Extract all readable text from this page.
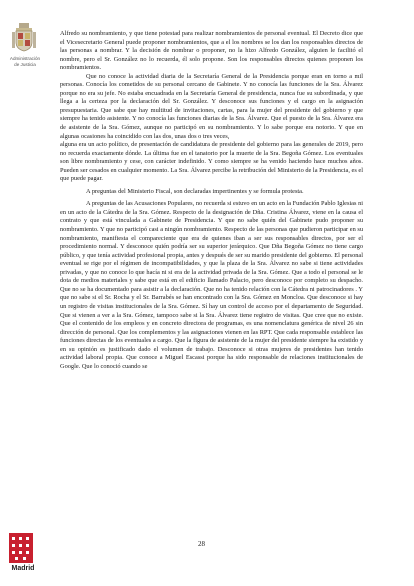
Administración
de Justicia
Madrid

Alfredo su nombramiento, y que tiene potestad para realizar nombramientos de personal eventual. El Decreto dice que el Vicesecretario General puede proponer nombramientos, que a el los nombres se los dan los responsables directos de las personas a nombrar. Y la decisión de nombrar o proponer, no la hizo Alfredo González, alguien le facilitó el nombre, pero el Sr. González no lo recuerda, él solo propone. Son los responsables directos quienes proponen los nombramientos.

Que no conoce la actividad diaria de la Secretaría General de la Presidencia porque eran en torno a mil personas. Conocía los cometidos de su personal cercano de Gabinete. Y no conocía las funciones de la Sra. Álvarez porque no era su jefe. No estaba encuadrada en la Secretaría General de presidencia, nunca fue su subordinada, y que llega a la certeza por la declaración del Sr. González. Y desconoce sus funciones y el cargo en la asignación presupuestaria. Que sabe que hay multitud de invitaciones, cartas, para la mujer del presidente del gobierno y que siempre ha tenido asistente. Y no conocía las funciones diarias de la Sra. Álvarez. Que el puesto de la Sra. Álvarez era de asistente de la Sra. Gómez, aunque no participó en su nombramiento. Y lo sabe porque era notorio. Y que en algunas ocasiones ha coincidido con las dos, unas dos o tres veces,

alguna era un acto político, de presentación de candidatura de presidente del gobierno para las generales de 2019, pero no recuerda exactamente dónde. La última fue en el tanatorio por la muerte de la Sra. Begoña Gómez. Los eventuales son libre nombramiento y cese, con carácter indefinido. Y como siempre se ha venido haciendo hace muchos años. Pueden ser cesados en cualquier momento. La Sra. Álvarez percibe la retribución del Ministerio de la Presidencia, es el que puede pagar.

A preguntas del Ministerio Fiscal, son declaradas impertinentes y se formula protesta.

A preguntas de las Acusaciones Populares, no recuerda si estuvo en un acto en la Fundación Pablo Iglesias ni en un acto de la Cátedra de la Sra. Gómez. Respecto de la designación de Dña. Cristina Álvarez, viene en la causa el contrato y que está vinculada a Gabinete de Presidencia. Y que no sabe quién del Gabinete pudo proponer su nombramiento. Y que no participó casi a ningún nombramiento. Respecto de las personas que pudieron participar en su nombramiento, manifiesta el compareciente que era de quienes iban a ser sus responsables directos, por ser el procedimiento normal. Y desconoce quién podría ser su superior jerárquico. Que Dña Begoña Gómez no tiene cargo público, y que tenía actividad profesional propia, antes y después de ser su marido presidente del gobierno. El personal eventual se rige por el régimen de incompatibilidades, y que la plaza de la Sra. Álvarez no sabe si tiene actividades privadas, y que no conoce lo que hacía ni si era de la actividad privada de la Sra. Gómez. Que a todo el personal se le dota de medios materiales y sabe que está en el edificio llamado Palacio, pero desconoce por completo su despacho. Que no se ha documentado para asistir a la declaración. Que no ha tenido relación con la Cátedra ni patrocinadores . Y que no sabe si el Sr. Rocha y el Sr. Barrabés se han encontrado con la Sra. Gómez en Moncloa. Que desconoce si hay un registro de visitas institucionales de la Sra. Gómez. Sí hay un control de acceso por el departamento de Seguridad. Que si vienen a ver a la Sra. Gómez, tampoco sabe si la Sra. Álvarez tiene registro de visitas. Que cree que no existe. Que el contenido de los empleos y en concreto directora de programas, es una nomenclatura genérica de nivel 26 sin dirección de personal. Que los complementos y las asignaciones vienen en las RPT. Que cada responsable establece las funciones directas de los eventuales a cargo. Que la figura de asistente de la mujer del presidente siempre ha existido y en su opinión es justificado dado el volumen de trabajo. Desconoce si otras mujeres de presidentes han tenido actividad laboral propia. Que conoce a Miguel Escassi porque ha sido responsable de relaciones institucionales de Google. Que lo conoció cuando se

28
